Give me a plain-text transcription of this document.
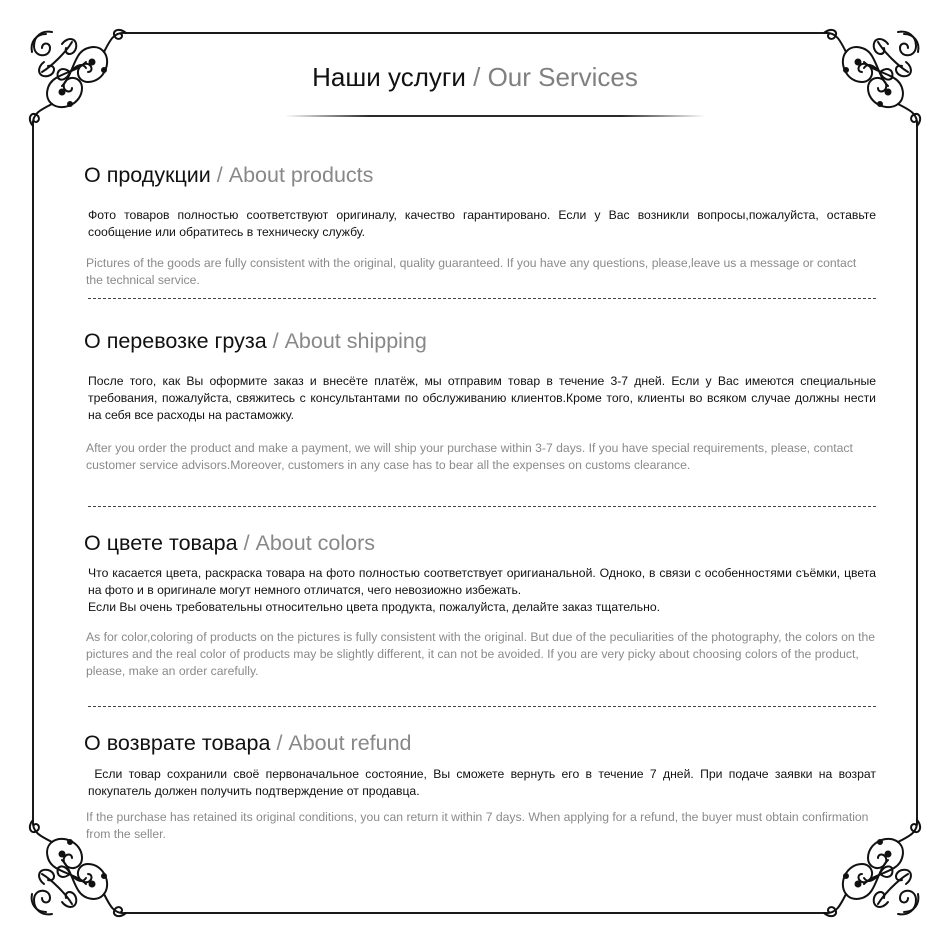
Наши услуги / Our Services
О продукции / About products
Фото товаров полностью соответствуют оригиналу, качество гарантировано. Если у Вас возникли вопросы,пожалуйста, оставьте сообщение или обратитесь в техническу службу.
Pictures of the goods are fully consistent with the original, quality guaranteed. If you have any questions, please,leave us a message or contact the technical service.
О перевозке груза / About shipping
После того, как Вы оформите заказ и внесёте платёж, мы отправим товар в течение 3-7 дней. Если у Вас имеются специальные требования, пожалуйста, свяжитесь с консультантами по обслуживанию клиентов.Кроме того, клиенты во всяком случае должны нести на себя все расходы на растаможку.
After you order the product and make a payment, we will ship your purchase within 3-7 days. If you have special requirements, please, contact customer service advisors.Moreover, customers in any case has to bear all the expenses on customs clearance.
О цвете товара / About colors
Что касается цвета, раскраска товара на фото полностью соответствует оригианальной. Одноко, в связи с особенностями съёмки, цвета на фото и в оригинале могут немного отличатся, чего невозиожно избежать.
Если Вы очень требовательны относительно цвета продукта, пожалуйста, делайте заказ тщательно.
As for color,coloring of products on the pictures is fully consistent with the original. But due of the peculiarities of the photography, the colors on the pictures and the real color of products may be slightly different, it can not be avoided. If you are very picky about choosing colors of the product, please, make an order carefully.
О возврате товара / About refund
Если товар сохранили своё первоначальное состояние, Вы сможете вернуть его в течение 7 дней. При подаче заявки на возрат покупатель должен получить подтверждение от продавца.
If the purchase has retained its original conditions, you can return it within 7 days. When applying for a refund, the buyer must obtain confirmation from the seller.
